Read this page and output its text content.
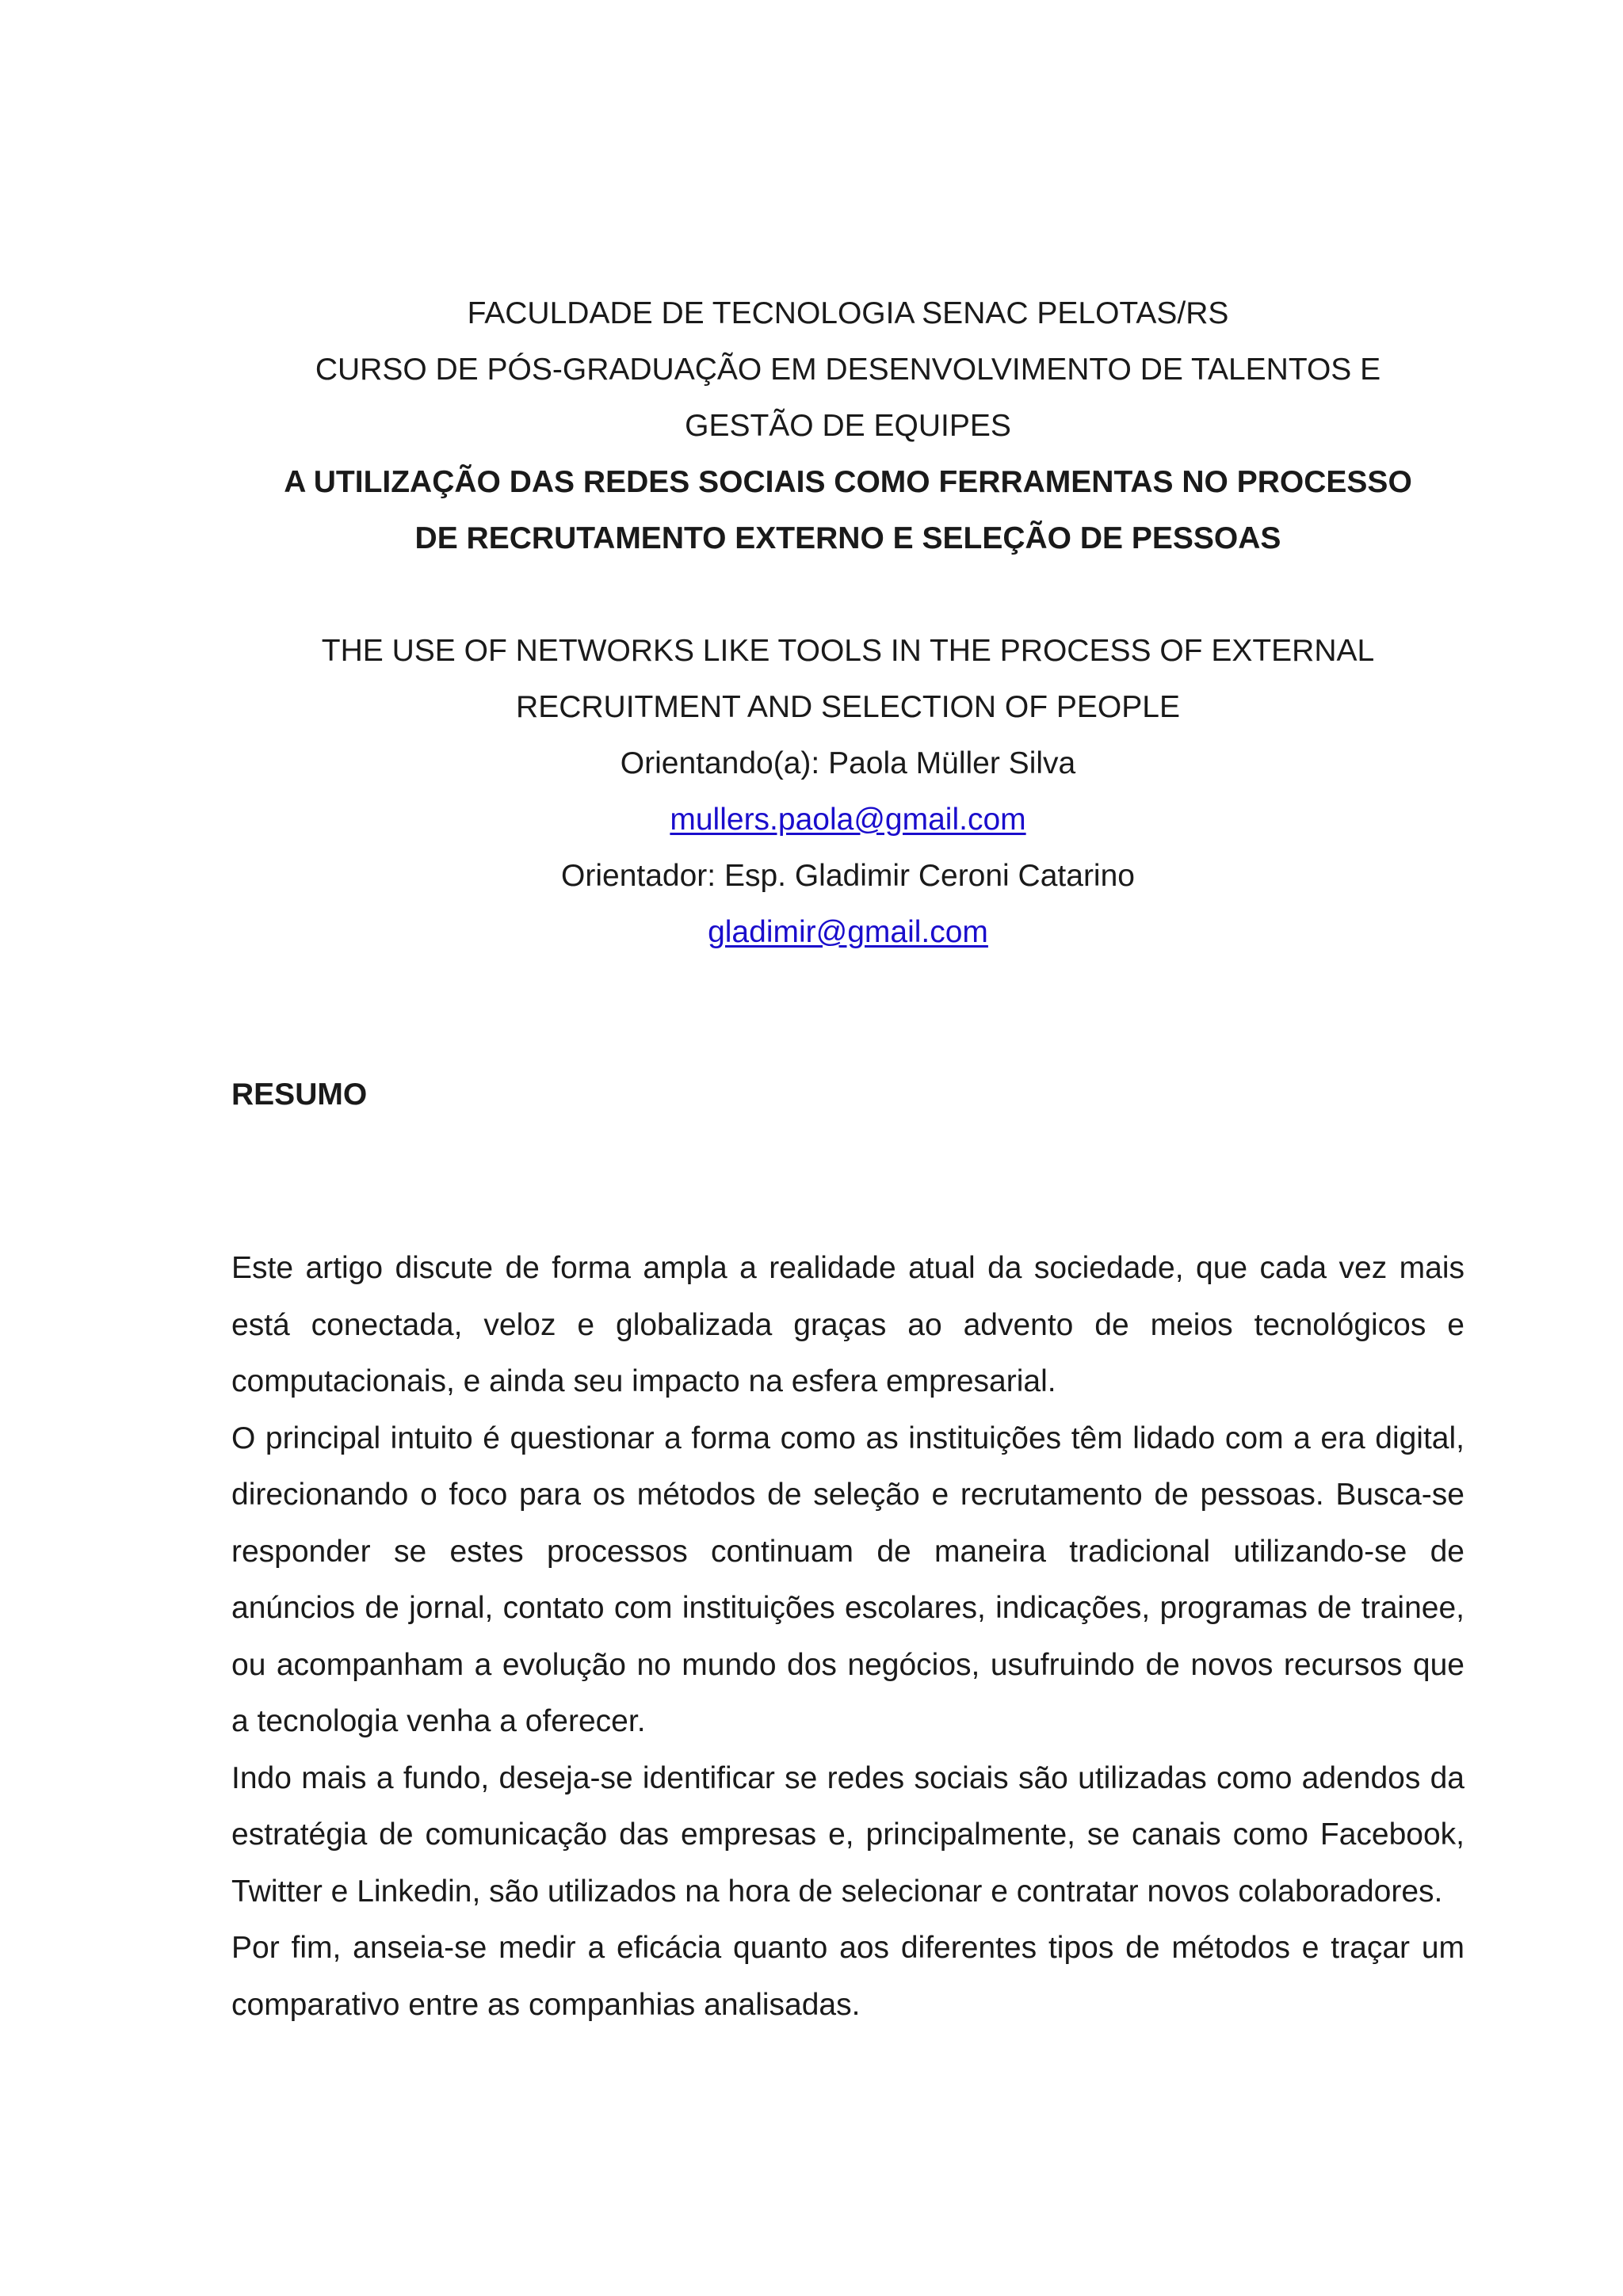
FACULDADE DE TECNOLOGIA SENAC PELOTAS/RS
CURSO DE PÓS-GRADUAÇÃO EM DESENVOLVIMENTO DE TALENTOS E
GESTÃO DE EQUIPES
A UTILIZAÇÃO DAS REDES SOCIAIS COMO FERRAMENTAS NO PROCESSO
DE RECRUTAMENTO EXTERNO E SELEÇÃO DE PESSOAS
THE USE OF NETWORKS LIKE TOOLS IN THE PROCESS OF EXTERNAL
RECRUITMENT AND SELECTION OF PEOPLE
Orientando(a): Paola Müller Silva
mullers.paola@gmail.com
Orientador: Esp. Gladimir Ceroni Catarino
gladimir@gmail.com
RESUMO

Este artigo discute de forma ampla a realidade atual da sociedade, que cada vez mais está conectada, veloz e globalizada graças ao advento de meios tecnológicos e computacionais, e ainda seu impacto na esfera empresarial.

O principal intuito é questionar a forma como as instituições têm lidado com a era digital, direcionando o foco para os métodos de seleção e recrutamento de pessoas. Busca-se responder se estes processos continuam de maneira tradicional utilizando-se de anúncios de jornal, contato com instituições escolares, indicações, programas de trainee, ou acompanham a evolução no mundo dos negócios, usufruindo de novos recursos que a tecnologia venha a oferecer.

Indo mais a fundo, deseja-se identificar se redes sociais são utilizadas como adendos da estratégia de comunicação das empresas e, principalmente, se canais como Facebook, Twitter e Linkedin, são utilizados na hora de selecionar e contratar novos colaboradores.

Por fim, anseia-se medir a eficácia quanto aos diferentes tipos de métodos e traçar um comparativo entre as companhias analisadas.
